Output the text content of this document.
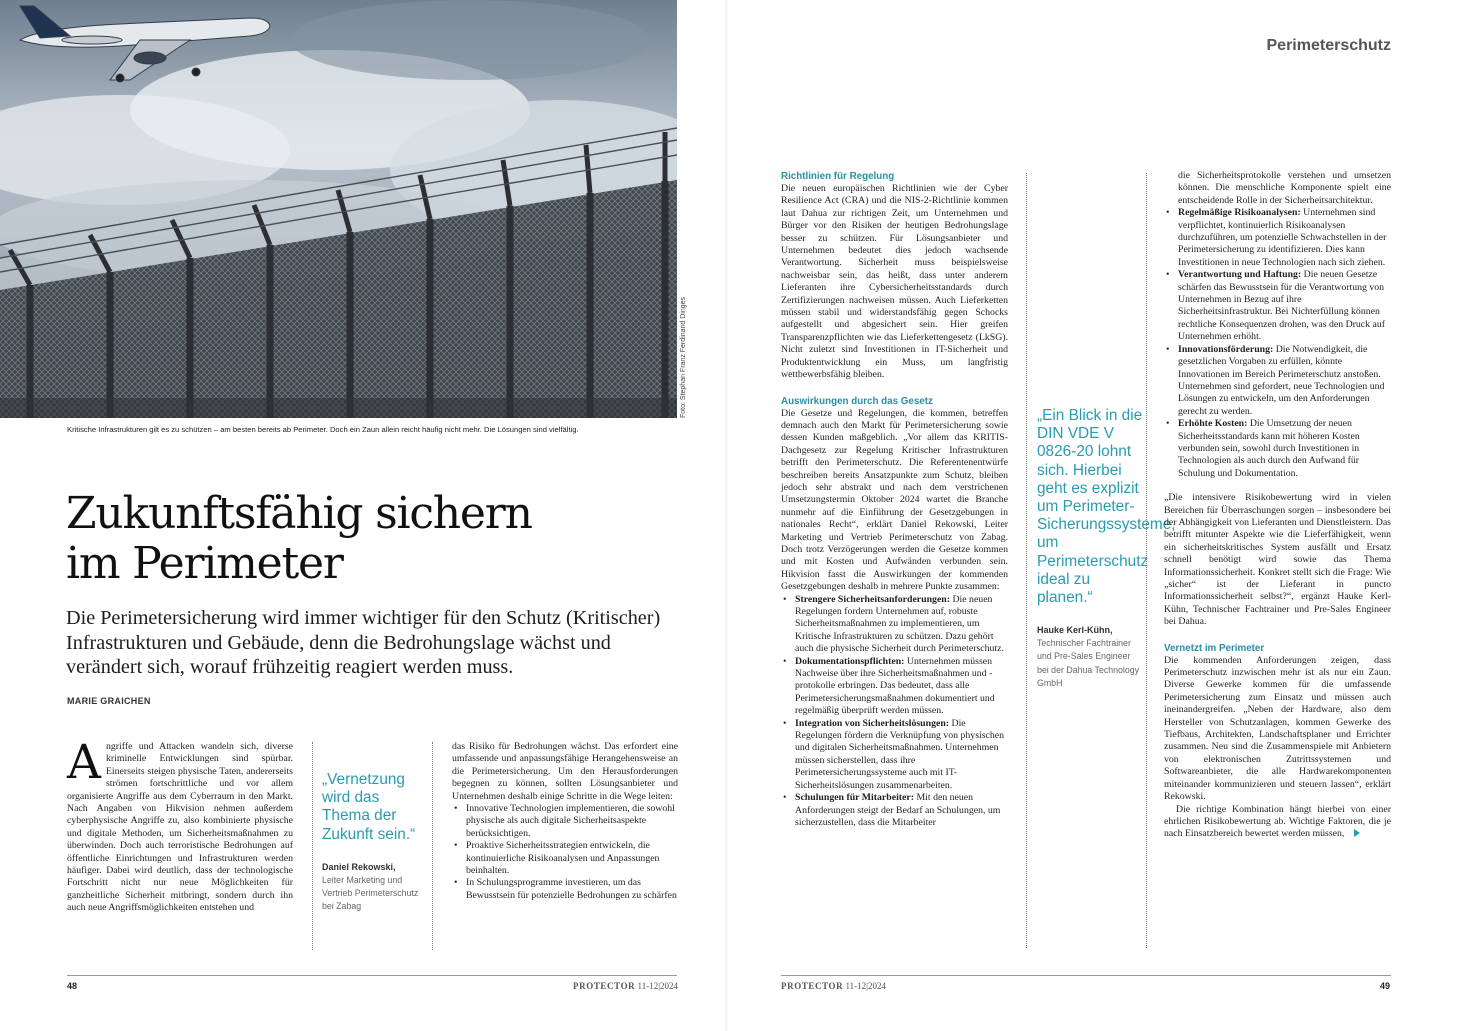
Foto: Stephan Franz Ferdinand Dinges
Kritische Infrastrukturen gilt es zu schützen – am besten bereits ab Perimeter. Doch ein Zaun allein reicht häufig nicht mehr. Die Lösungen sind vielfältig.
Zukunftsfähig sichern
im Perimeter

Die Perimetersicherung wird immer wichtiger für den Schutz (Kritischer) Infrastrukturen und Gebäude, denn die Bedrohungslage wächst und verändert sich, worauf frühzeitig reagiert werden muss.

MARIE GRAICHEN
A ngriffe und Attacken wandeln sich, diverse kriminelle Entwicklungen sind spürbar. Einerseits steigen physische Taten, andererseits strömen fortschrittliche und vor allem organisierte Angriffe aus dem Cyberraum in den Markt. Nach Angaben von Hikvision nehmen außerdem cyberphysische Angriffe zu, also kombinierte physische und digitale Methoden, um Sicherheitsmaßnahmen zu überwinden. Doch auch terroristische Bedrohungen auf öffentliche Einrichtungen und Infrastrukturen werden häufiger. Dabei wird deutlich, dass der technologische Fortschritt nicht nur neue Möglichkeiten für ganzheitliche Sicherheit mitbringt, sondern durch ihn auch neue Angriffsmöglichkeiten entstehen und
„Vernetzung wird das Thema der Zukunft sein.“
Daniel Rekowski,
Leiter Marketing und Vertrieb Perimeterschutz bei Zabag

das Risiko für Bedrohungen wächst. Das erfordert eine umfassende und anpassungsfähige Herangehensweise an die Perimetersicherung. Um den Herausforderungen begegnen zu können, sollten Lösungsanbieter und Unternehmen deshalb einige Schritte in die Wege leiten:

• Innovative Technologien implementieren, die sowohl physische als auch digitale Sicherheitsaspekte berücksichtigen.
• Proaktive Sicherheitsstrategien entwickeln, die kontinuierliche Risikoanalysen und Anpassungen beinhalten.
• In Schulungsprogramme investieren, um das Bewusstsein für potenzielle Bedrohungen zu schärfen
48	PROTECTOR 11-12|2024
Perimeterschutz
Richtlinien für Regelung

Die neuen europäischen Richtlinien wie der Cyber Resilience Act (CRA) und die NIS-2-Richtlinie kommen laut Dahua zur richtigen Zeit, um Unternehmen und Bürger vor den Risiken der heutigen Bedrohungslage besser zu schützen. Für Lösungsanbieter und Unternehmen bedeutet dies jedoch wachsende Verantwortung. Sicherheit muss beispielsweise nachweisbar sein, das heißt, dass unter anderem Lieferanten ihre Cybersicherheitsstandards durch Zertifizierungen nachweisen müssen. Auch Lieferketten müssen stabil und widerstandsfähig gegen Schocks aufgestellt und abgesichert sein. Hier greifen Transparenzpflichten wie das Lieferkettengesetz (LkSG). Nicht zuletzt sind Investitionen in IT-Sicherheit und Produktentwicklung ein Muss, um langfristig wettbewerbsfähig bleiben.

Auswirkungen durch das Gesetz

Die Gesetze und Regelungen, die kommen, betreffen demnach auch den Markt für Perimetersicherung sowie dessen Kunden maßgeblich. „Vor allem das KRITIS-Dachgesetz zur Regelung Kritischer Infrastrukturen betrifft den Perimeterschutz. Die Referentenentwürfe beschreiben bereits Ansatzpunkte zum Schutz, bleiben jedoch sehr abstrakt und nach dem verstrichenen Umsetzungstermin Oktober 2024 wartet die Branche nunmehr auf die Einführung der Gesetzgebungen in nationales Recht“, erklärt Daniel Rekowski, Leiter Marketing und Vertrieb Perimeterschutz von Zabag. Doch trotz Verzögerungen werden die Gesetze kommen und mit Kosten und Aufwänden verbunden sein. Hikvision fasst die Auswirkungen der kommenden Gesetzgebungen deshalb in mehrere Punkte zusammen:

• Strengere Sicherheitsanforderungen: Die neuen Regelungen fordern Unternehmen auf, robuste Sicherheitsmaßnahmen zu implementieren, um Kritische Infrastrukturen zu schützen. Dazu gehört auch die physische Sicherheit durch Perimeterschutz.
• Dokumentationspflichten: Unternehmen müssen Nachweise über ihre Sicherheitsmaßnahmen und -protokolle erbringen. Das bedeutet, dass alle Perimetersicherungsmaßnahmen dokumentiert und regelmäßig überprüft werden müssen.
• Integration von Sicherheitslösungen: Die Regelungen fördern die Verknüpfung von physischen und digitalen Sicherheitsmaßnahmen. Unternehmen müssen sicherstellen, dass ihre Perimetersicherungssysteme auch mit IT-Sicherheitslösungen zusammenarbeiten.
• Schulungen für Mitarbeiter: Mit den neuen Anforderungen steigt der Bedarf an Schulungen, um sicherzustellen, dass die Mitarbeiter
„Ein Blick in die DIN VDE V 0826-20 lohnt sich. Hierbei geht es explizit um Perimeter-Sicherungssysteme, um Perimeterschutz ideal zu planen.“
Hauke Kerl-Kühn,
Technischer Fachtrainer und Pre-Sales Engineer bei der Dahua Technology GmbH

die Sicherheitsprotokolle verstehen und umsetzen können. Die menschliche Komponente spielt eine entscheidende Rolle in der Sicherheitsarchitektur.

• Regelmäßige Risikoanalysen: Unternehmen sind verpflichtet, kontinuierlich Risikoanalysen durchzuführen, um potenzielle Schwachstellen in der Perimetersicherung zu identifizieren. Dies kann Investitionen in neue Technologien nach sich ziehen.
• Verantwortung und Haftung: Die neuen Gesetze schärfen das Bewusstsein für die Verantwortung von Unternehmen in Bezug auf ihre Sicherheitsinfrastruktur. Bei Nichterfüllung können rechtliche Konsequenzen drohen, was den Druck auf Unternehmen erhöht.
• Innovationsförderung: Die Notwendigkeit, die gesetzlichen Vorgaben zu erfüllen, könnte Innovationen im Bereich Perimeterschutz anstoßen. Unternehmen sind gefordert, neue Technologien und Lösungen zu entwickeln, um den Anforderungen gerecht zu werden.
• Erhöhte Kosten: Die Umsetzung der neuen Sicherheitsstandards kann mit höheren Kosten verbunden sein, sowohl durch Investitionen in Technologien als auch durch den Aufwand für Schulung und Dokumentation.

„Die intensivere Risikobewertung wird in vielen Bereichen für Überraschungen sorgen – insbesondere bei der Abhängigkeit von Lieferanten und Dienstleistern. Das betrifft mitunter Aspekte wie die Lieferfähigkeit, wenn ein sicherheitskritisches System ausfällt und Ersatz schnell benötigt wird sowie das Thema Informationssicherheit. Konkret stellt sich die Frage: Wie „sicher“ ist der Lieferant in puncto Informationssicherheit selbst?“, ergänzt Hauke Kerl-Kühn, Technischer Fachtrainer und Pre-Sales Engineer bei Dahua.

Vernetzt im Perimeter

Die kommenden Anforderungen zeigen, dass Perimeterschutz inzwischen mehr ist als nur ein Zaun. Diverse Gewerke kommen für die umfassende Perimetersicherung zum Einsatz und müssen auch ineinandergreifen. „Neben der Hardware, also dem Hersteller von Schutzanlagen, kommen Gewerke des Tiefbaus, Architekten, Landschaftsplaner und Errichter zusammen. Neu sind die Zusammenspiele mit Anbietern von elektronischen Zutrittssystemen und Softwareanbieter, die alle Hardwarekomponenten miteinander kommunizieren und steuern lassen“, erklärt Rekowski.

Die richtige Kombination hängt hierbei von einer ehrlichen Risikobewertung ab. Wichtige Faktoren, die je nach Einsatzbereich bewertet werden müssen,

PROTECTOR 11-12|2024	49
